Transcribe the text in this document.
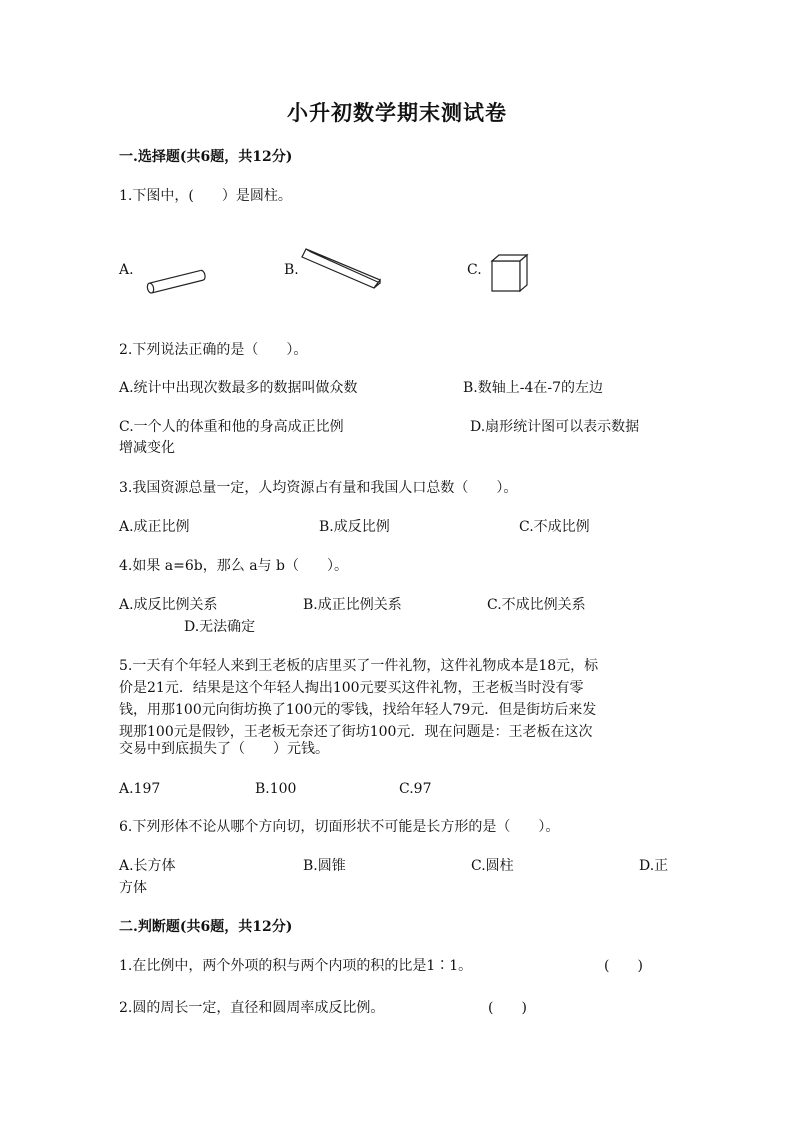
小升初数学期末测试卷
一.选择题(共6题，共12分)
1.下图中，(　　）是圆柱。
A.	B.	C.
2.下列说法正确的是（　　）。
A.统计中出现次数最多的数据叫做众数	B.数轴上-4在-7的左边
C.一个人的体重和他的身高成正比例	D.扇形统计图可以表示数据
增减变化
3.我国资源总量一定，人均资源占有量和我国人口总数（　　）。
A.成正比例	B.成反比例	C.不成比例
4.如果 a=6b，那么 a与 b（　　）。
A.成反比例关系	B.成正比例关系	C.不成比例关系
D.无法确定
5.一天有个年轻人来到王老板的店里买了一件礼物，这件礼物成本是18元，标
价是21元．结果是这个年轻人掏出100元要买这件礼物，王老板当时没有零
钱，用那100元向街坊换了100元的零钱，找给年轻人79元．但是街坊后来发
现那100元是假钞，王老板无奈还了街坊100元．现在问题是：王老板在这次
交易中到底损失了（　　）元钱。
A.197	B.100	C.97
6.下列形体不论从哪个方向切，切面形状不可能是长方形的是（　　）。
A.长方体	B.圆锥	C.圆柱	D.正
方体
二.判断题(共6题，共12分)
1.在比例中，两个外项的积与两个内项的积的比是1∶1。	(　　)
2.圆的周长一定，直径和圆周率成反比例。	(　　)
